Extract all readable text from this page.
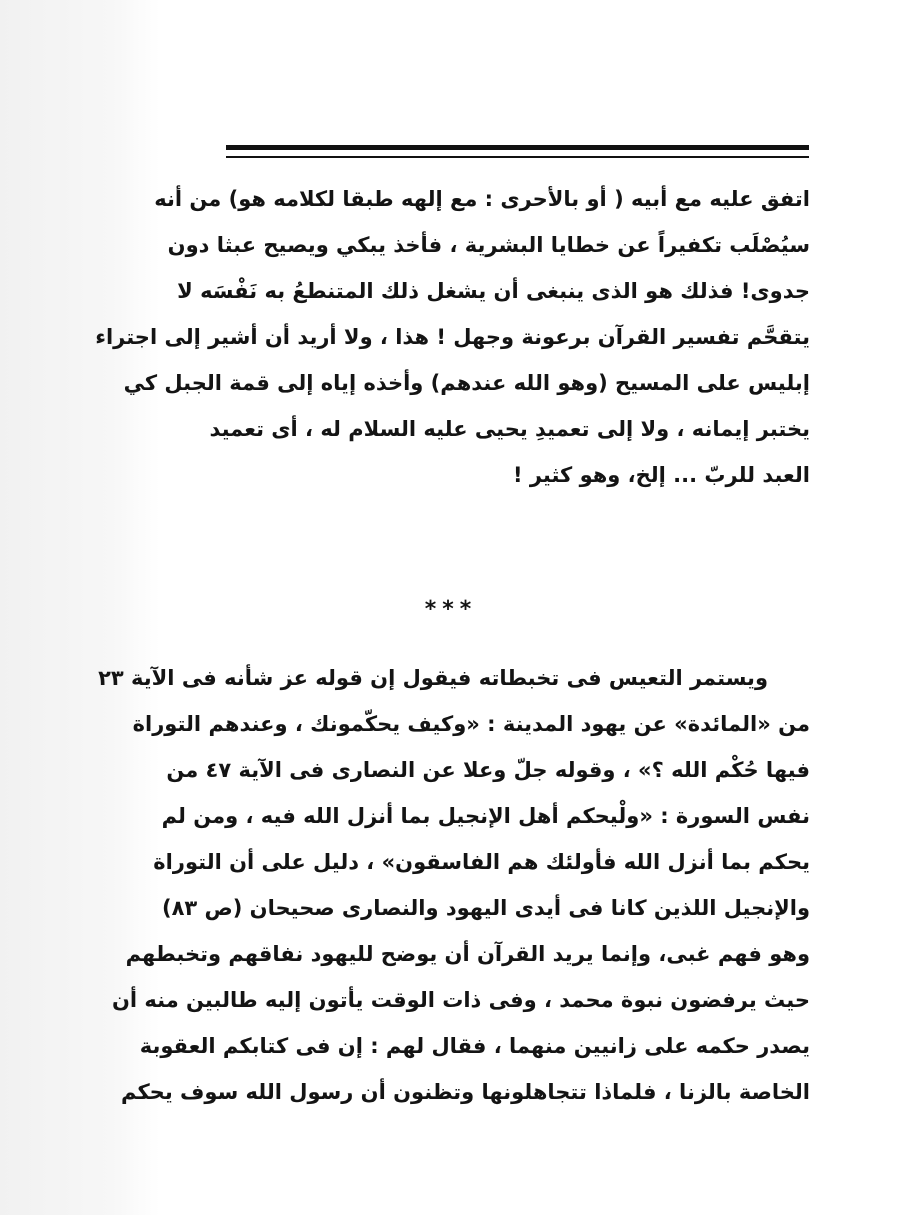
اتفق عليه مع أبيه ( أو بالأحرى : مع إلهه طبقا لكلامه هو) من أنه
سيُصْلَب تكفيراً عن خطايا البشرية ، فأخذ يبكي ويصيح عبثا دون
جدوى! فذلك هو الذى ينبغى أن يشغل ذلك المتنطعُ به نَفْسَه لا
يتقحَّم تفسير القرآن برعونة وجهل ! هذا ، ولا أريد أن أشير إلى اجتراء
إبليس على المسيح (وهو الله عندهم) وأخذه إياه إلى قمة الجبل كي
يختبر إيمانه ، ولا إلى تعميدِ يحيى عليه السلام له ، أى تعميد
العبد للربّ ... إلخ، وهو كثير !
***
ويستمر التعيس فى تخبطاته فيقول إن قوله عز شأنه فى الآية ٢٣
من «المائدة» عن يهود المدينة : «وكيف يحكّمونك ، وعندهم التوراة
فيها حُكْم الله ؟» ، وقوله جلّ وعلا عن النصارى فى الآية ٤٧ من
نفس السورة : «ولْيحكم أهل الإنجيل بما أنزل الله فيه ، ومن لم
يحكم بما أنزل الله فأولئك هم الفاسقون» ، دليل على أن التوراة
والإنجيل اللذين كانا فى أيدى اليهود والنصارى صحيحان (ص ٨٣)
وهو فهم غبى، وإنما يريد القرآن أن يوضح لليهود نفاقهم وتخبطهم
حيث يرفضون نبوة محمد ، وفى ذات الوقت يأتون إليه طالبين منه أن
يصدر حكمه على زانيين منهما ، فقال لهم : إن فى كتابكم العقوبة
الخاصة بالزنا ، فلماذا تتجاهلونها وتظنون أن رسول الله سوف يحكم
